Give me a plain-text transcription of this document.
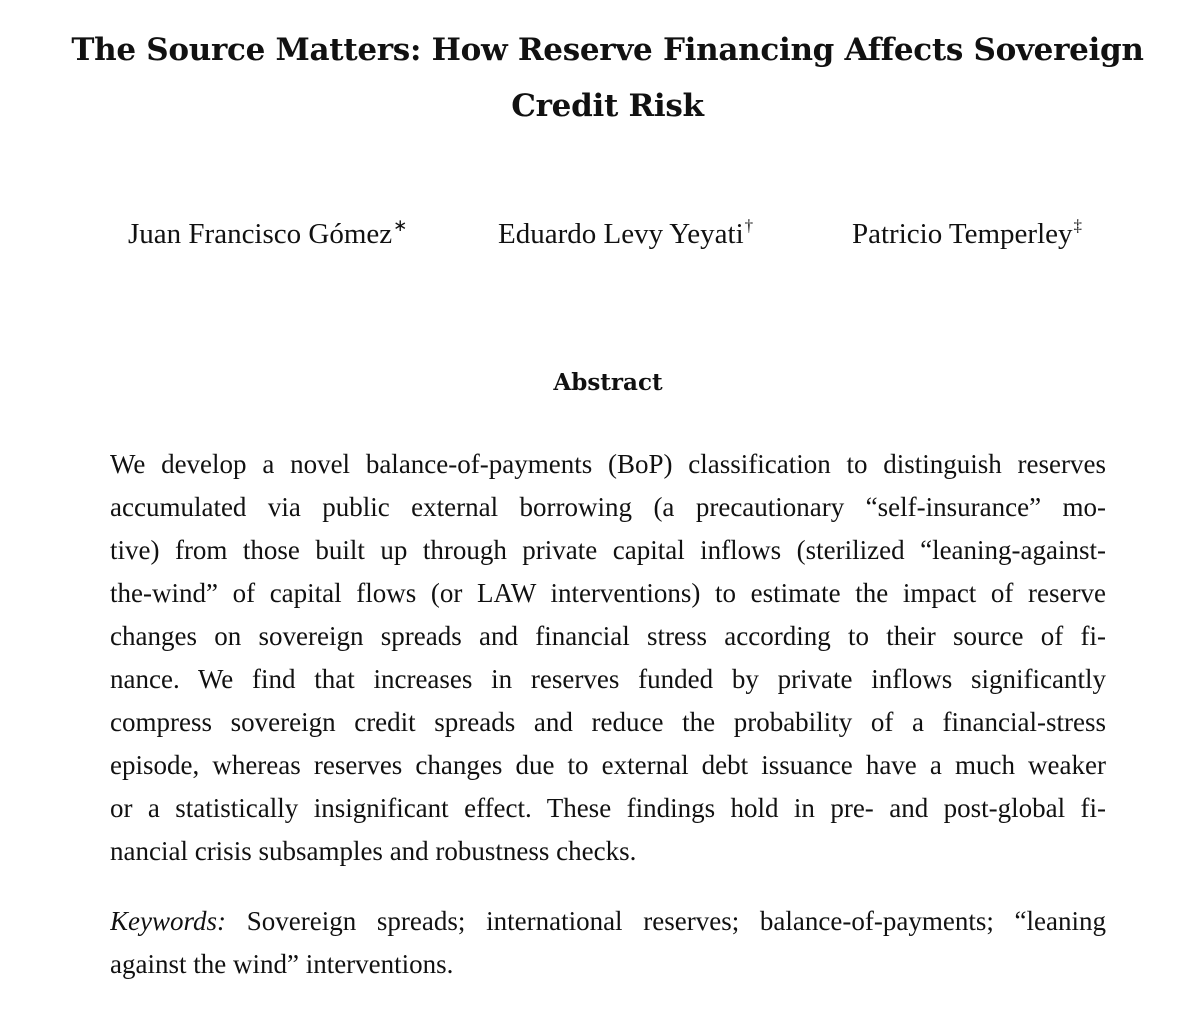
The Source Matters: How Reserve Financing Affects Sovereign
Credit Risk
Juan Francisco Gómez∗	Eduardo Levy Yeyati†	Patricio Temperley‡
Abstract

We develop a novel balance-of-payments (BoP) classification to distinguish reserves
accumulated via public external borrowing (a precautionary “self-insurance” mo-
tive) from those built up through private capital inflows (sterilized “leaning-against-
the-wind” of capital flows (or LAW interventions) to estimate the impact of reserve
changes on sovereign spreads and financial stress according to their source of fi-
nance. We find that increases in reserves funded by private inflows significantly
compress sovereign credit spreads and reduce the probability of a financial-stress
episode, whereas reserves changes due to external debt issuance have a much weaker
or a statistically insignificant effect. These findings hold in pre- and post-global fi-
nancial crisis subsamples and robustness checks.

Keywords: Sovereign spreads; international reserves; balance-of-payments; “leaning
against the wind” interventions.
